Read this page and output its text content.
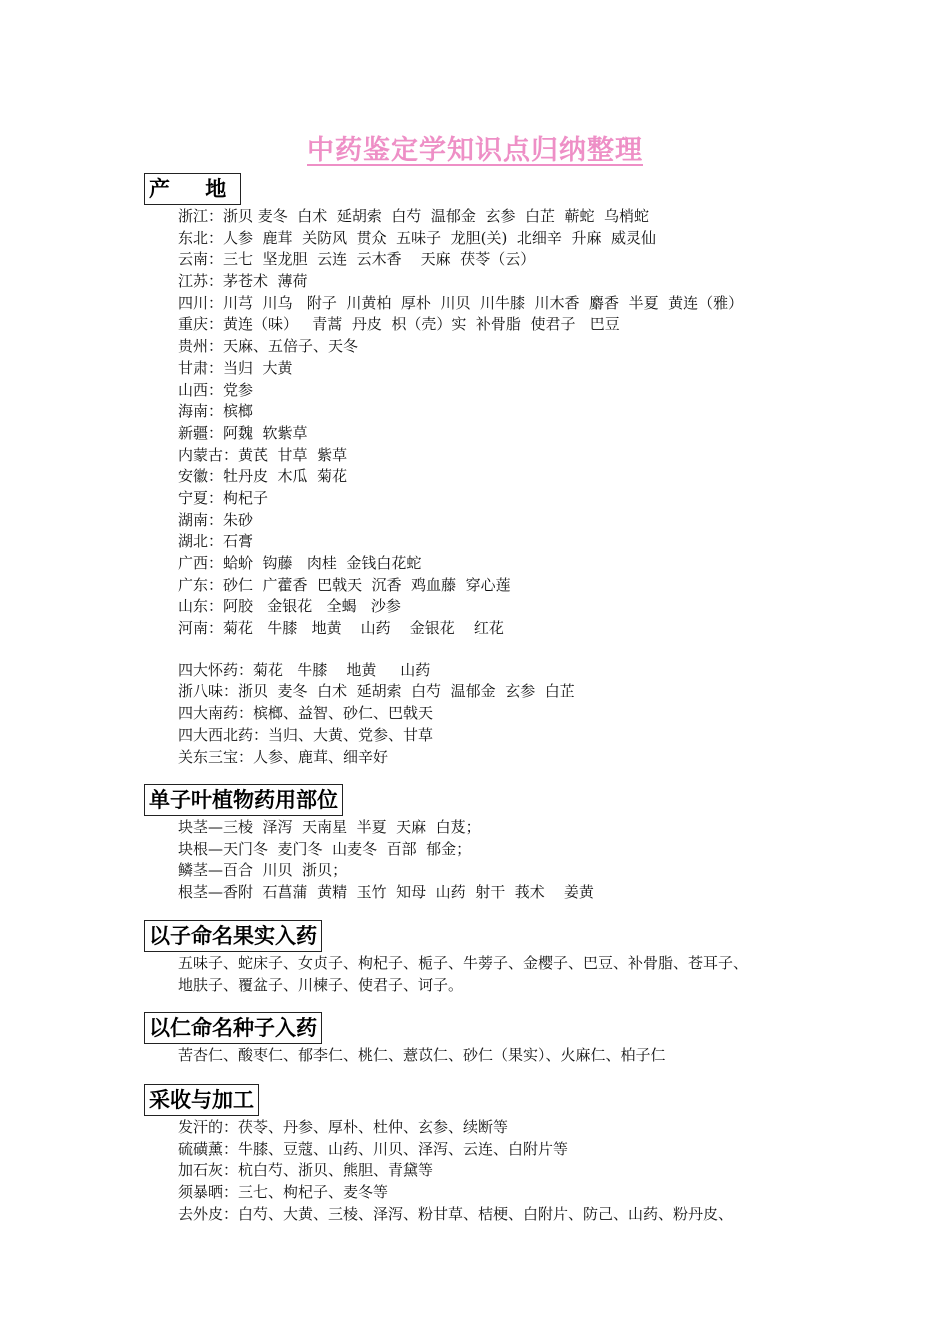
中药鉴定学知识点归纳整理
产 地
浙江：浙贝 麦冬  白术  延胡索  白芍  温郁金  玄参  白芷  蕲蛇  乌梢蛇
东北：人参  鹿茸  关防风  贯众  五味子  龙胆(关)  北细辛  升麻  威灵仙
云南：三七  坚龙胆  云连  云木香    天麻  茯苓（云）
江苏：茅苍术  薄荷
四川：川芎  川乌   附子  川黄柏  厚朴  川贝  川牛膝  川木香  麝香  半夏  黄连（雅）
重庆：黄连（味）   青蒿  丹皮  枳（壳）实  补骨脂  使君子   巴豆
贵州：天麻、五倍子、天冬
甘肃：当归  大黄
山西：党参
海南：槟榔
新疆：阿魏  软紫草
内蒙古：黄芪  甘草  紫草
安徽：牡丹皮  木瓜  菊花
宁夏：枸杞子
湖南：朱砂
湖北：石膏
广西：蛤蚧  钩藤   肉桂  金钱白花蛇
广东：砂仁  广藿香  巴戟天  沉香  鸡血藤  穿心莲
山东：阿胶   金银花   全蝎   沙参
河南：菊花   牛膝   地黄    山药    金银花    红花
四大怀药：菊花   牛膝    地黄     山药
浙八味：浙贝  麦冬  白术  延胡索  白芍  温郁金  玄参  白芷
四大南药：槟榔、益智、砂仁、巴戟天
四大西北药：当归、大黄、党参、甘草
关东三宝：人参、鹿茸、细辛好
单子叶植物药用部位
块茎—三棱  泽泻  天南星  半夏  天麻  白芨；
块根—天门冬  麦门冬  山麦冬  百部  郁金；
鳞茎—百合  川贝  浙贝；
根茎—香附  石菖蒲  黄精  玉竹  知母  山药  射干  莪术    姜黄
以子命名果实入药
五味子、蛇床子、女贞子、枸杞子、栀子、牛蒡子、金樱子、巴豆、补骨脂、苍耳子、
地肤子、覆盆子、川楝子、使君子、诃子。
以仁命名种子入药
苦杏仁、酸枣仁、郁李仁、桃仁、薏苡仁、砂仁（果实）、火麻仁、柏子仁
采收与加工
发汗的：茯苓、丹参、厚朴、杜仲、玄参、续断等
硫磺薰：牛膝、豆蔻、山药、川贝、泽泻、云连、白附片等
加石灰：杭白芍、浙贝、熊胆、青黛等
须暴晒：三七、枸杞子、麦冬等
去外皮：白芍、大黄、三棱、泽泻、粉甘草、桔梗、白附片、防己、山药、粉丹皮、
